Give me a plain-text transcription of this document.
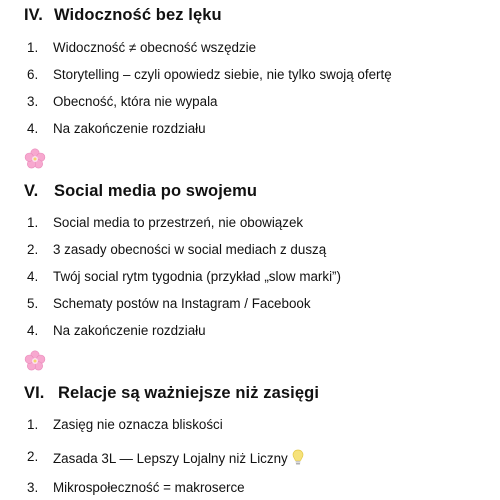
IV. Widoczność bez lęku
1. Widoczność ≠ obecność wszędzie
6. Storytelling – czyli opowiedz siebie, nie tylko swoją ofertę
3. Obecność, która nie wypala
4. Na zakończenie rozdziału
V. Social media po swojemu
1. Social media to przestrzeń, nie obowiązek
2. 3 zasady obecności w social mediach z duszą
4. Twój social rytm tygodnia (przykład „slow marki”)
5. Schematy postów na Instagram / Facebook
4. Na zakończenie rozdziału
VI. Relacje są ważniejsze niż zasięgi
1. Zasięg nie oznacza bliskości
2. Zasada 3L — Lepszy Lojalny niż Liczny
3. Mikrospołeczność = makroserce
